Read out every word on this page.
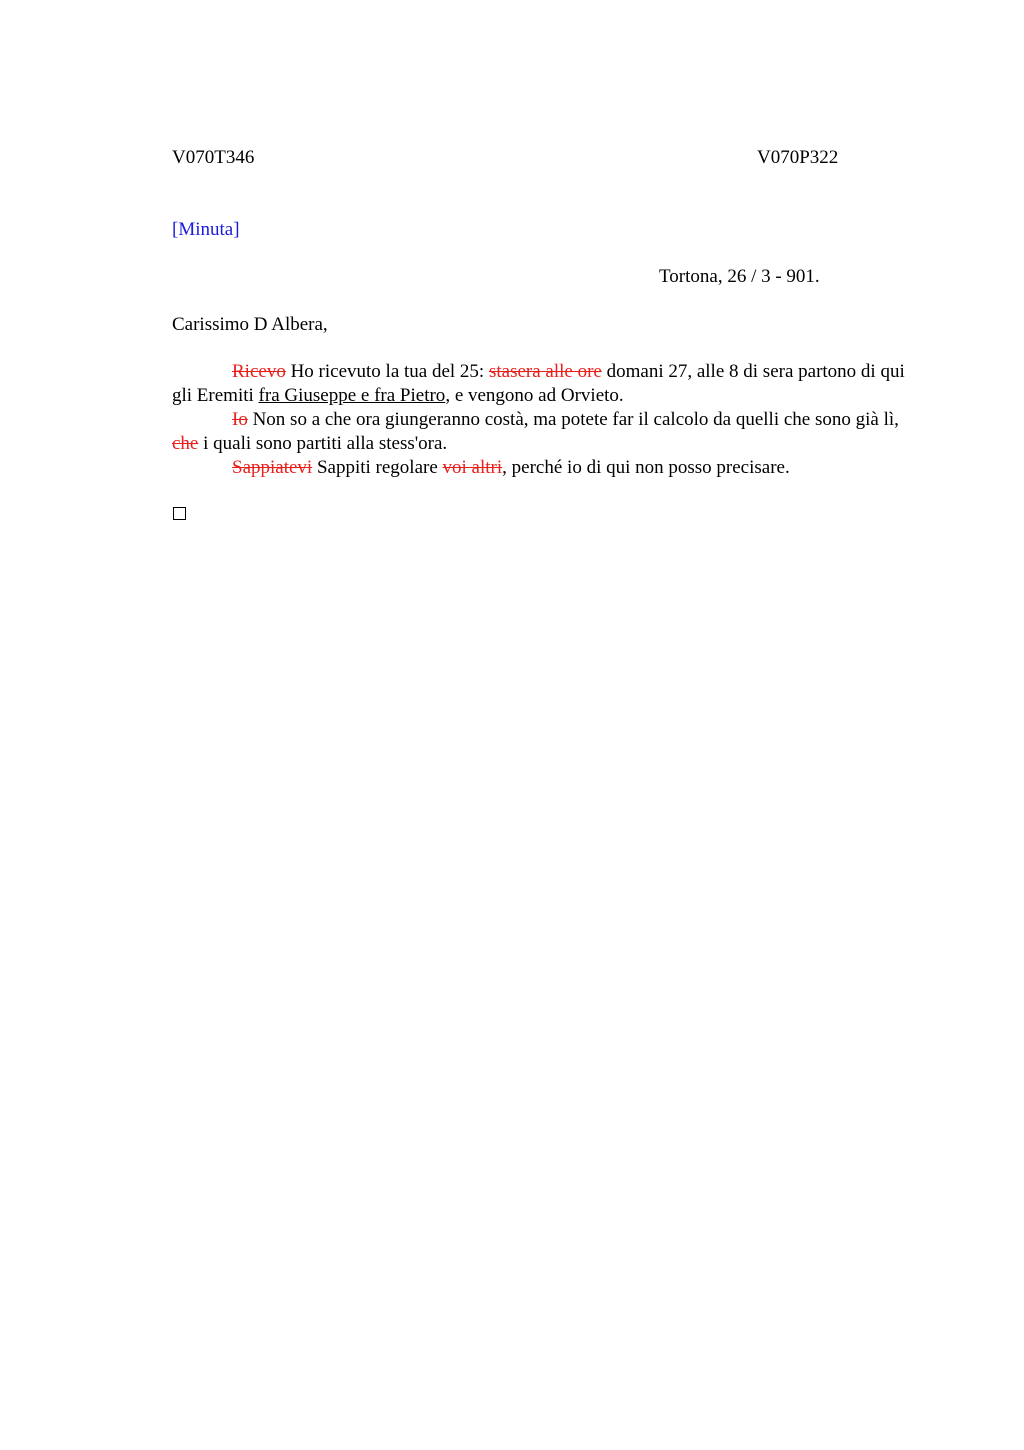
V070T346	V070P322
[Minuta]
Tortona, 26 / 3 - 901.
Carissimo D Albera,

Ricevo Ho ricevuto la tua del 25: stasera alle ore domani 27, alle 8 di sera partono di qui gli Eremiti fra Giuseppe e fra Pietro, e vengono ad Orvieto.

Io Non so a che ora giungeranno costà, ma potete far il calcolo da quelli che sono già lì, che i quali sono partiti alla stess'ora.

Sappiatevi Sappiti regolare voi altri, perché io di qui non posso precisare.
